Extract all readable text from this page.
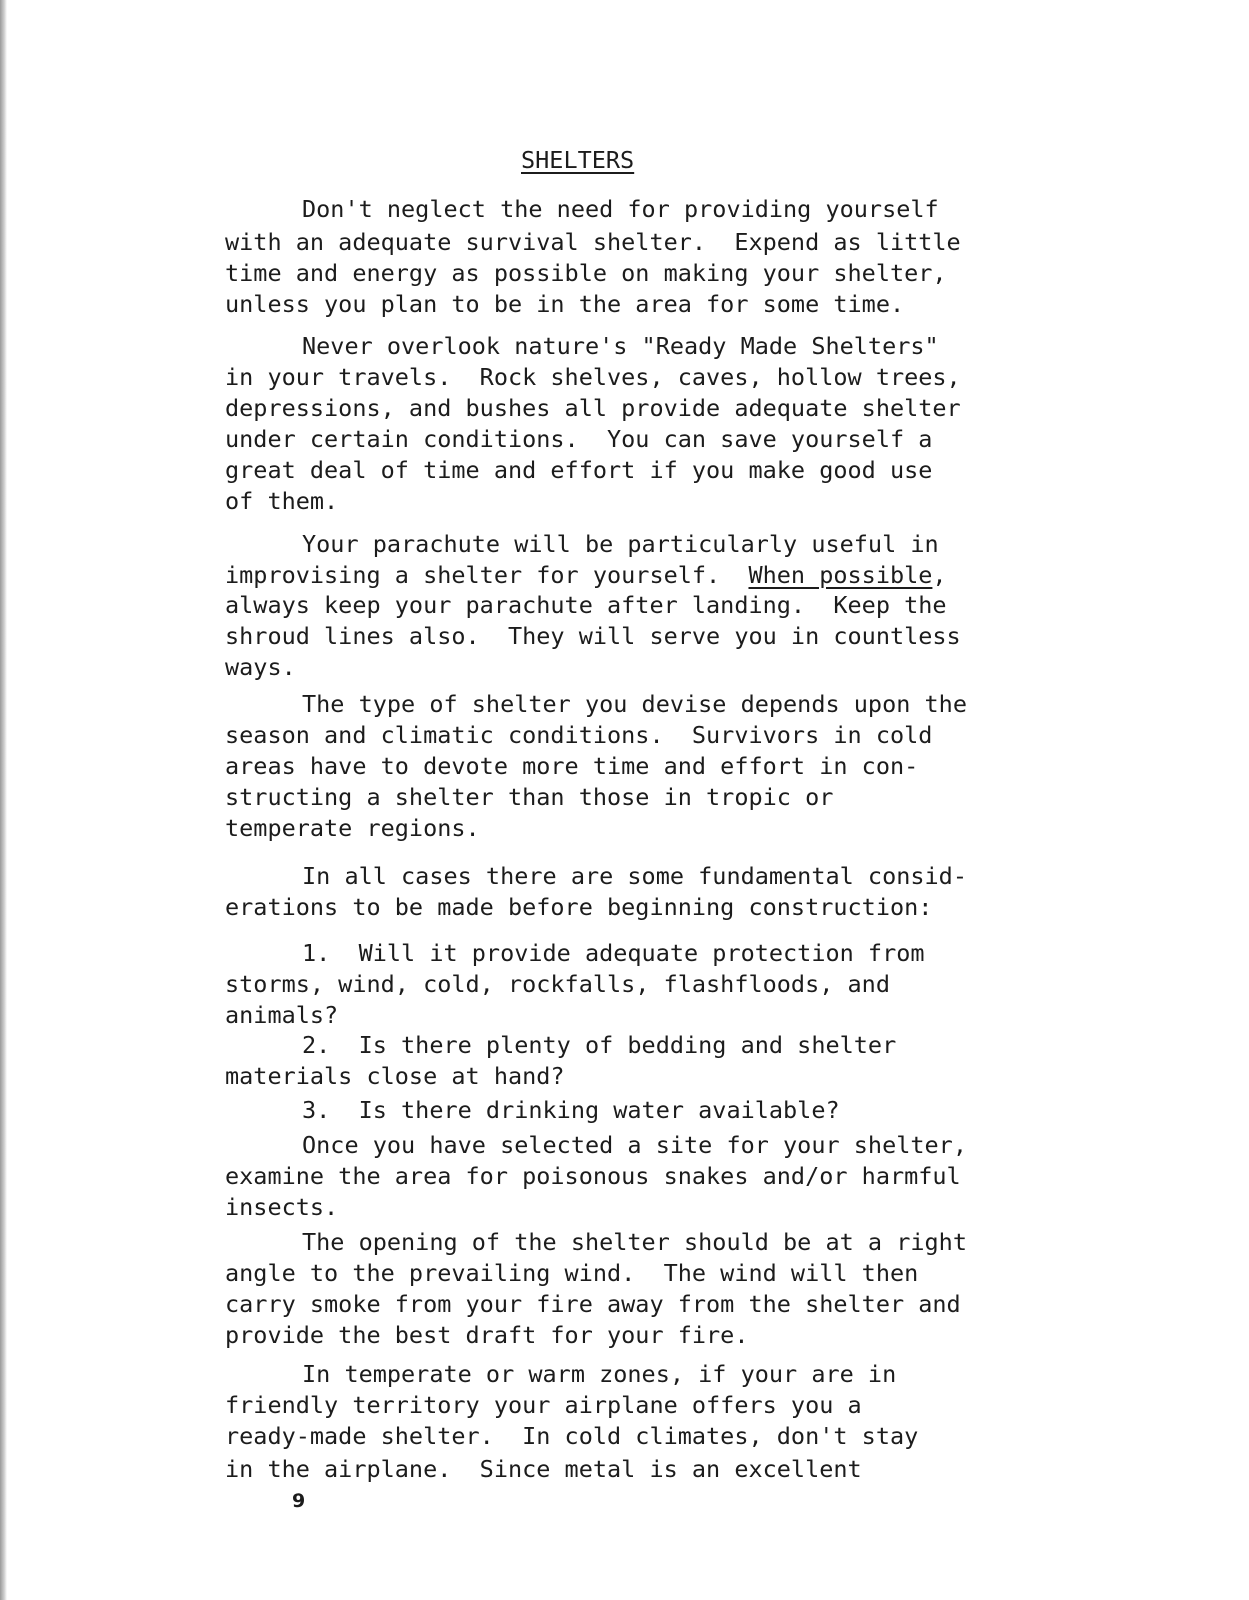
SHELTERS

Don't neglect the need for providing yourself

with an adequate survival shelter.  Expend as little

time and energy as possible on making your shelter,

unless you plan to be in the area for some time.

Never overlook nature's "Ready Made Shelters"

in your travels.  Rock shelves, caves, hollow trees,

depressions, and bushes all provide adequate shelter

under certain conditions.  You can save yourself a

great deal of time and effort if you make good use

of them.

Your parachute will be particularly useful in

improvising a shelter for yourself.  When possible,

always keep your parachute after landing.  Keep the

shroud lines also.  They will serve you in countless

ways.

The type of shelter you devise depends upon the

season and climatic conditions.  Survivors in cold

areas have to devote more time and effort in con-

structing a shelter than those in tropic or

temperate regions.

In all cases there are some fundamental consid-

erations to be made before beginning construction:

1.  Will it provide adequate protection from

storms, wind, cold, rockfalls, flashfloods, and

animals?

2.  Is there plenty of bedding and shelter

materials close at hand?

3.  Is there drinking water available?

Once you have selected a site for your shelter,

examine the area for poisonous snakes and/or harmful

insects.

The opening of the shelter should be at a right

angle to the prevailing wind.  The wind will then

carry smoke from your fire away from the shelter and

provide the best draft for your fire.

In temperate or warm zones, if your are in

friendly territory your airplane offers you a

ready-made shelter.  In cold climates, don't stay

in the airplane.  Since metal is an excellent

9
